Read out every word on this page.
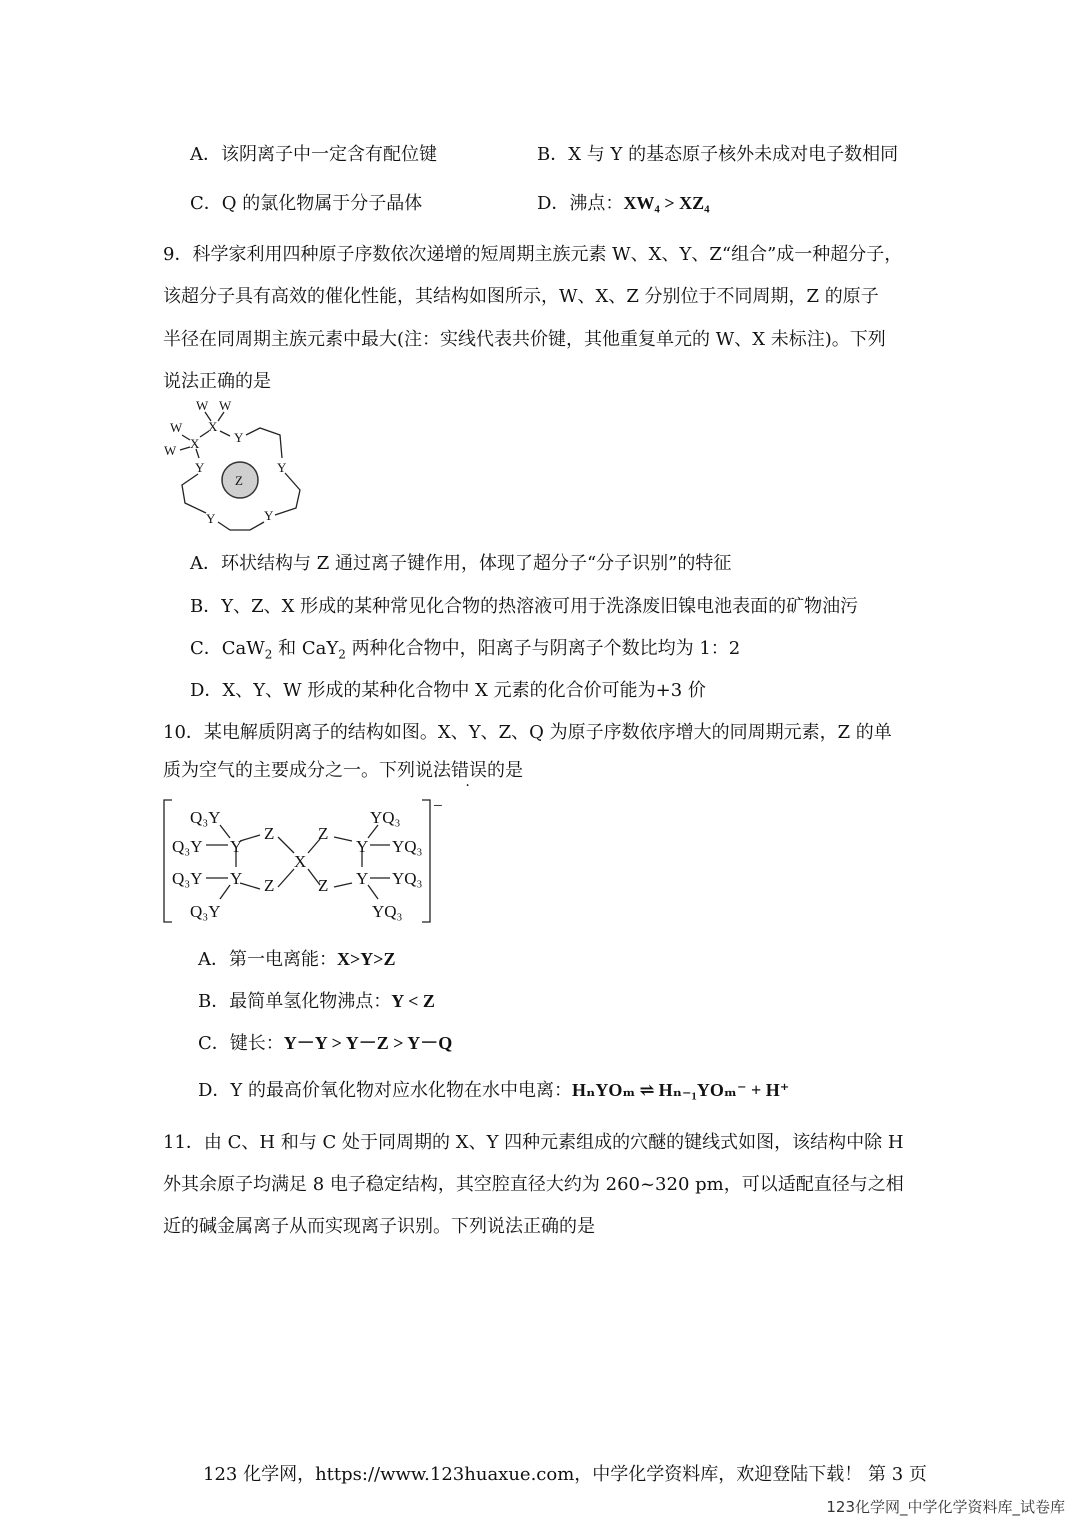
A．该阴离子中一定含有配位键	B．X 与 Y 的基态原子核外未成对电子数相同
C．Q 的氯化物属于分子晶体	D．沸点：XW₄ > XZ₄
9．科学家利用四种原子序数依次递增的短周期主族元素 W、X、Y、Z“组合”成一种超分子，
该超分子具有高效的催化性能，其结构如图所示，W、X、Z 分别位于不同周期，Z 的原子
半径在同周期主族元素中最大(注：实线代表共价键，其他重复单元的 W、X 未标注)。下列
说法正确的是
W W
X
W
X
W
Y
Y	Y
Y	Y
Z
A．环状结构与 Z 通过离子键作用，体现了超分子“分子识别”的特征
B．Y、Z、X 形成的某种常见化合物的热溶液可用于洗涤废旧镍电池表面的矿物油污
C．CaW$_2$ 和 CaY$_2$ 两种化合物中，阳离子与阴离子个数比均为 1：2
D．X、Y、W 形成的某种化合物中 X 元素的化合价可能为+3 价
10．某电解质阴离子的结构如图。X、Y、Z、Q 为原子序数依序增大的同周期元素，Z 的单
质为空气的主要成分之一。下列说法错误的是
Q₃Y
Q₃Y Y
Z
Q₃Y Y Z
Q₃Y
X
Z
Z
Y
Y
YQ₃
YQ₃
YQ₃
YQ₃
−
A．第一电离能：X>Y>Z
B．最简单氢化物沸点：Y < Z
C．键长：Y－Y > Y－Z > Y－Q
D．Y 的最高价氧化物对应水化物在水中电离：HₙYOₘ ⇌ Hₙ₋₁YOₘ⁻ + H⁺
11．由 C、H 和与 C 处于同周期的 X、Y 四种元素组成的穴醚的键线式如图，该结构中除 H
外其余原子均满足 8 电子稳定结构，其空腔直径大约为 260~320 pm，可以适配直径与之相
近的碱金属离子从而实现离子识别。下列说法正确的是
123 化学网，https://www.123huaxue.com，中学化学资料库，欢迎登陆下载！ 第 3 页
123化学网_中学化学资料库_试卷库
